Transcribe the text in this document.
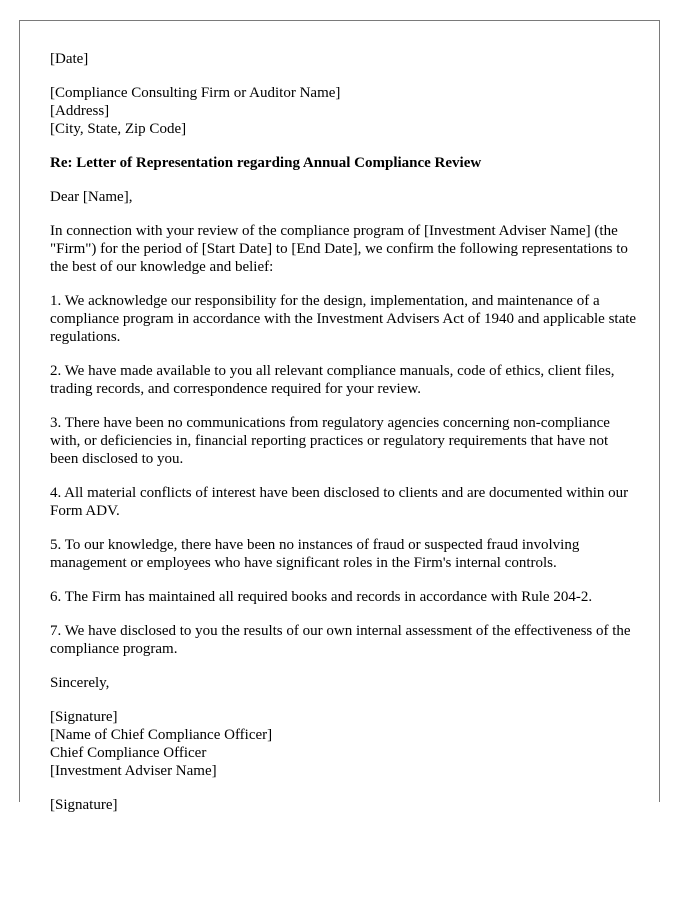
[Date]

[Compliance Consulting Firm or Auditor Name]
[Address]
[City, State, Zip Code]

Re: Letter of Representation regarding Annual Compliance Review

Dear [Name],

In connection with your review of the compliance program of [Investment Adviser Name] (the "Firm") for the period of [Start Date] to [End Date], we confirm the following representations to the best of our knowledge and belief:

1. We acknowledge our responsibility for the design, implementation, and maintenance of a compliance program in accordance with the Investment Advisers Act of 1940 and applicable state regulations.

2. We have made available to you all relevant compliance manuals, code of ethics, client files, trading records, and correspondence required for your review.

3. There have been no communications from regulatory agencies concerning non-compliance with, or deficiencies in, financial reporting practices or regulatory requirements that have not been disclosed to you.

4. All material conflicts of interest have been disclosed to clients and are documented within our Form ADV.

5. To our knowledge, there have been no instances of fraud or suspected fraud involving management or employees who have significant roles in the Firm's internal controls.

6. The Firm has maintained all required books and records in accordance with Rule 204-2.

7. We have disclosed to you the results of our own internal assessment of the effectiveness of the compliance program.

Sincerely,

[Signature]
[Name of Chief Compliance Officer]
Chief Compliance Officer
[Investment Adviser Name]

[Signature]
